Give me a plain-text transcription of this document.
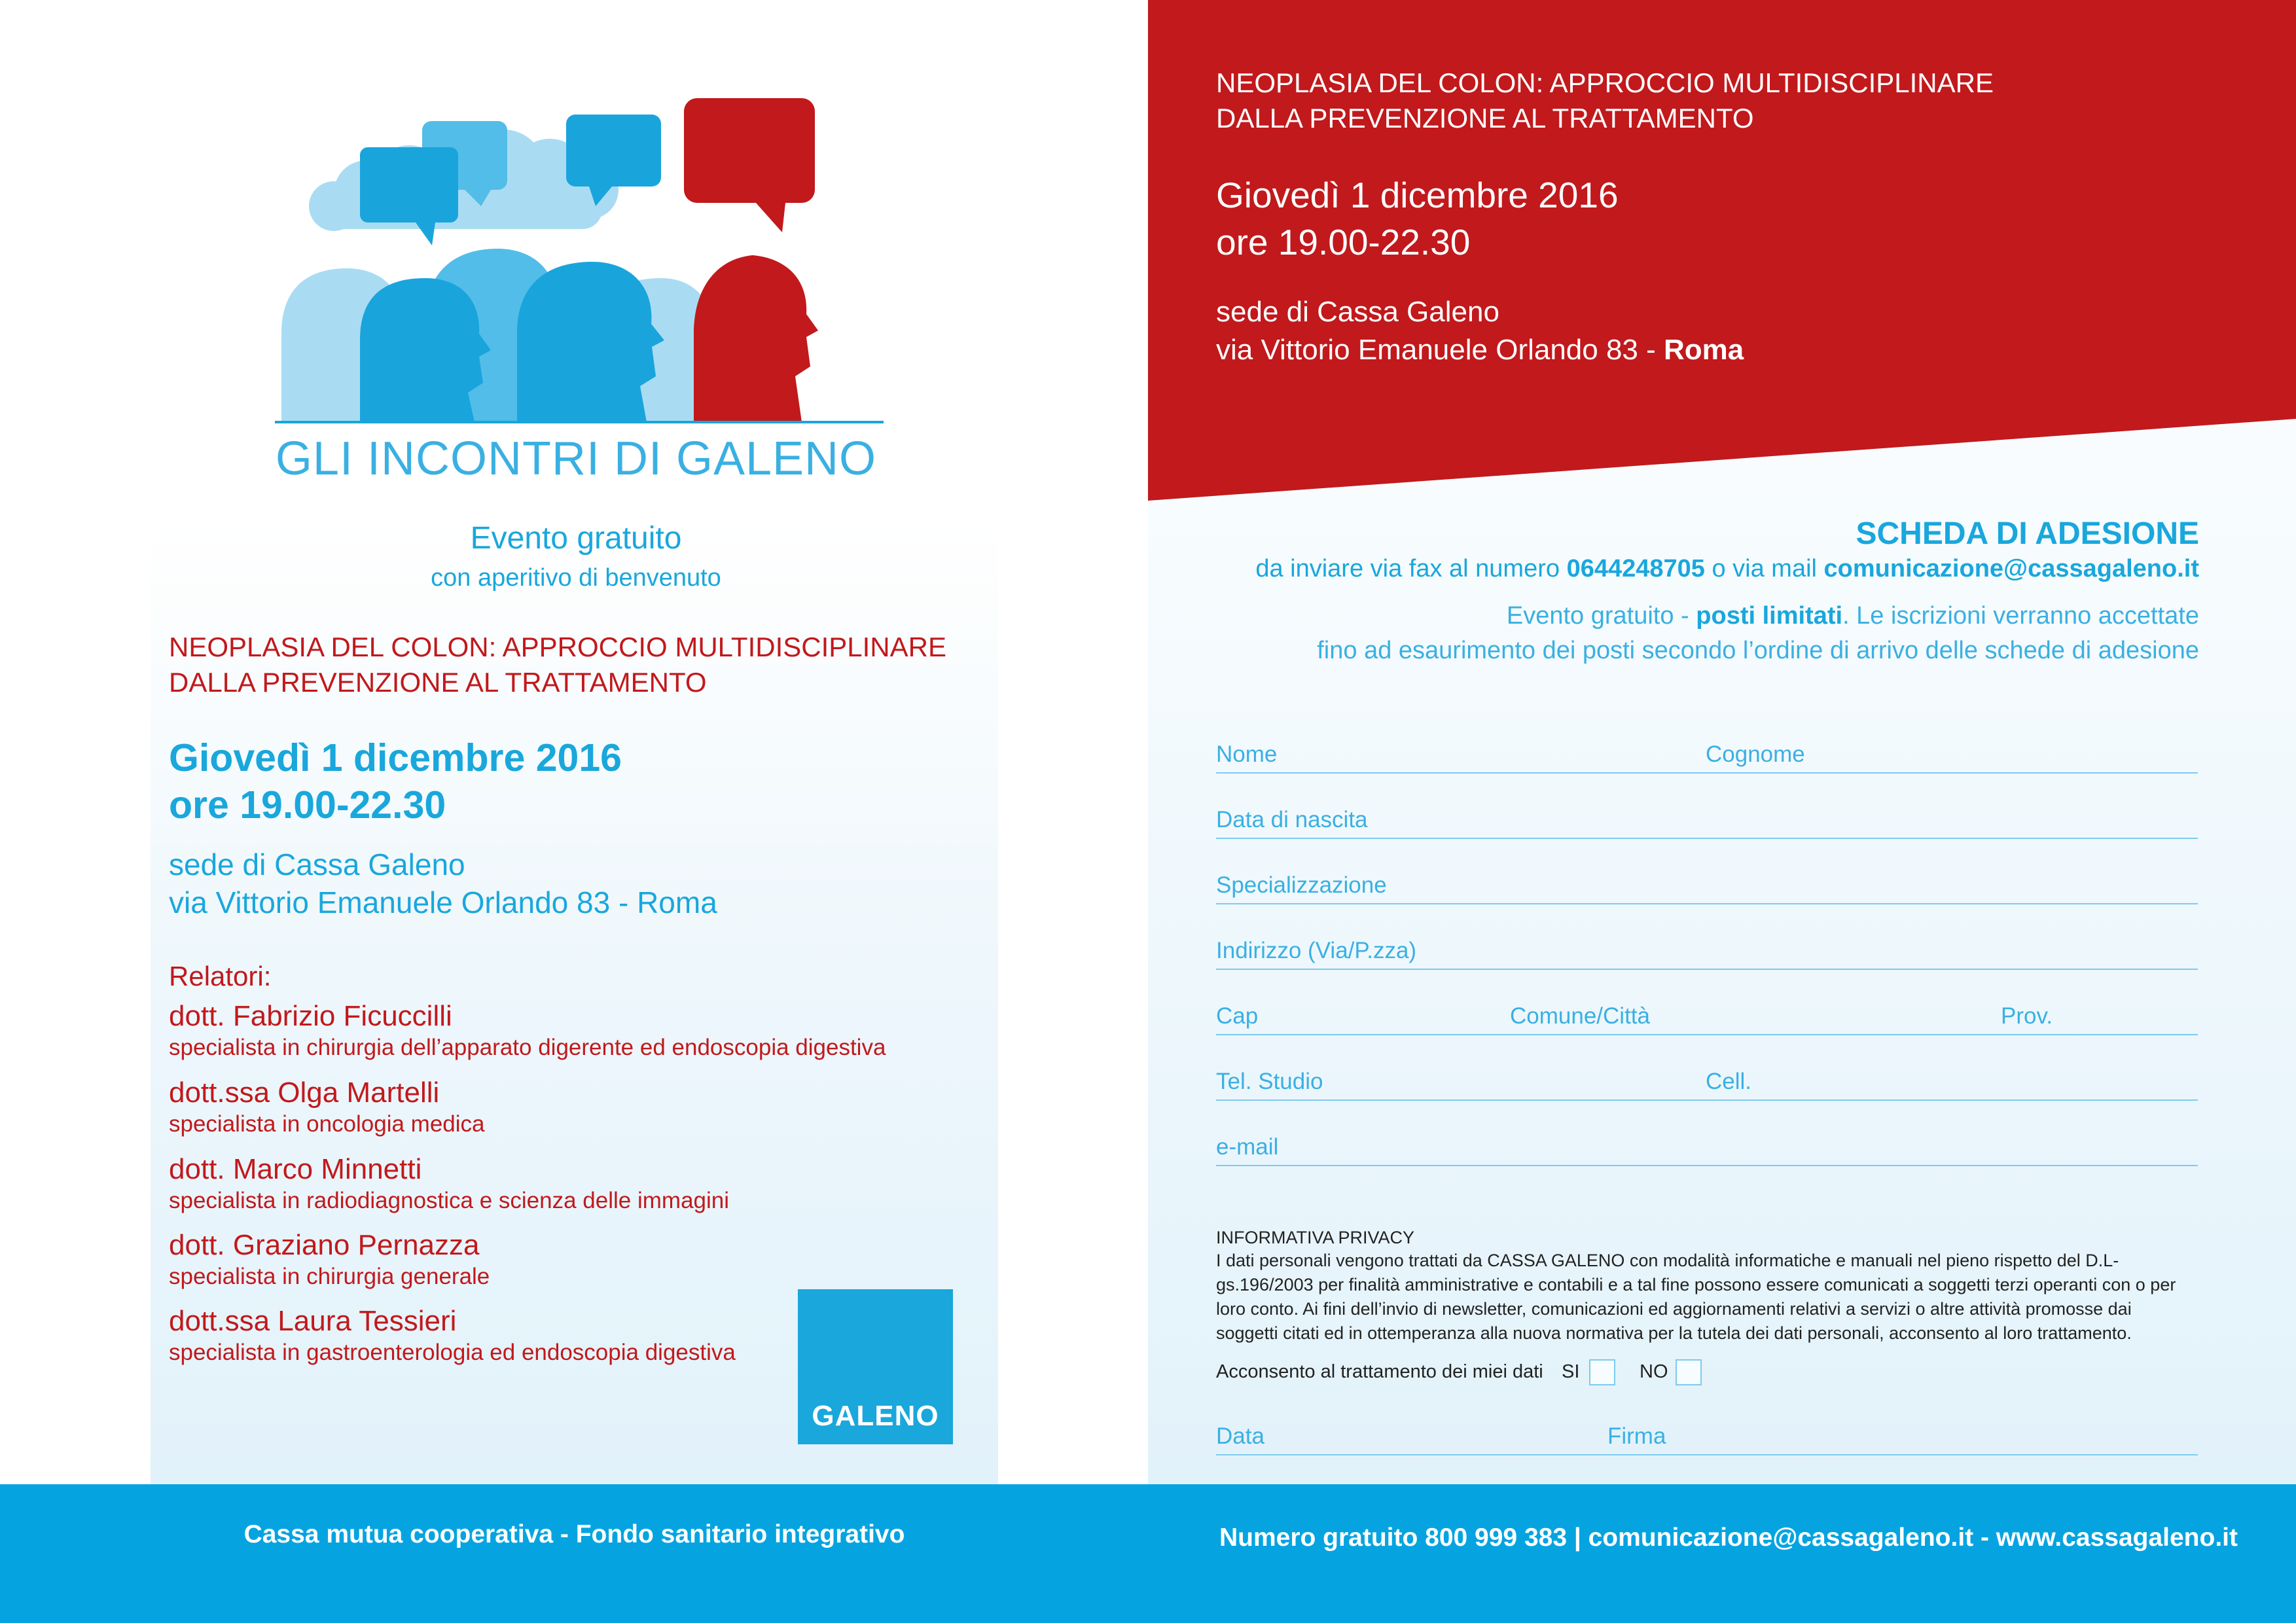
GLI INCONTRI DI GALENO
Evento gratuito
con aperitivo di benvenuto
NEOPLASIA DEL COLON: APPROCCIO MULTIDISCIPLINARE
DALLA PREVENZIONE AL TRATTAMENTO
Giovedì 1 dicembre 2016
ore 19.00-22.30
sede di Cassa Galeno
via Vittorio Emanuele Orlando 83 - Roma
Relatori:
dott. Fabrizio Ficuccilli
specialista in chirurgia dell’apparato digerente ed endoscopia digestiva
dott.ssa Olga Martelli
specialista in oncologia medica
dott. Marco Minnetti
specialista in radiodiagnostica e scienza delle immagini
dott. Graziano Pernazza
specialista in chirurgia generale
dott.ssa Laura Tessieri
specialista in gastroenterologia ed endoscopia digestiva
GALENO
NEOPLASIA DEL COLON: APPROCCIO MULTIDISCIPLINARE
DALLA PREVENZIONE AL TRATTAMENTO
Giovedì 1 dicembre 2016
ore 19.00-22.30
sede di Cassa Galeno
via Vittorio Emanuele Orlando 83 - Roma
SCHEDA DI ADESIONE
da inviare via fax al numero 0644248705 o via mail comunicazione@cassagaleno.it
Evento gratuito - posti limitati. Le iscrizioni verranno accettate
fino ad esaurimento dei posti secondo l’ordine di arrivo delle schede di adesione
Nome	Cognome
Data di nascita
Specializzazione
Indirizzo (Via/P.zza)
Cap	Comune/Città	Prov.
Tel. Studio	Cell.
e-mail
INFORMATIVA PRIVACY
I dati personali vengono trattati da CASSA GALENO con modalità informatiche e manuali nel pieno rispetto del D.L-gs.196/2003 per finalità amministrative e contabili e a tal fine possono essere comunicati a soggetti terzi operanti con o per loro conto. Ai fini dell’invio di newsletter, comunicazioni ed aggiornamenti relativi a servizi o altre attività promosse dai soggetti citati ed in ottemperanza alla nuova normativa per la tutela dei dati personali, acconsento al loro trattamento.
Acconsento al trattamento dei miei dati SI	NO
Data	Firma
Cassa mutua cooperativa - Fondo sanitario integrativo	Numero gratuito 800 999 383 | comunicazione@cassagaleno.it - www.cassagaleno.it
